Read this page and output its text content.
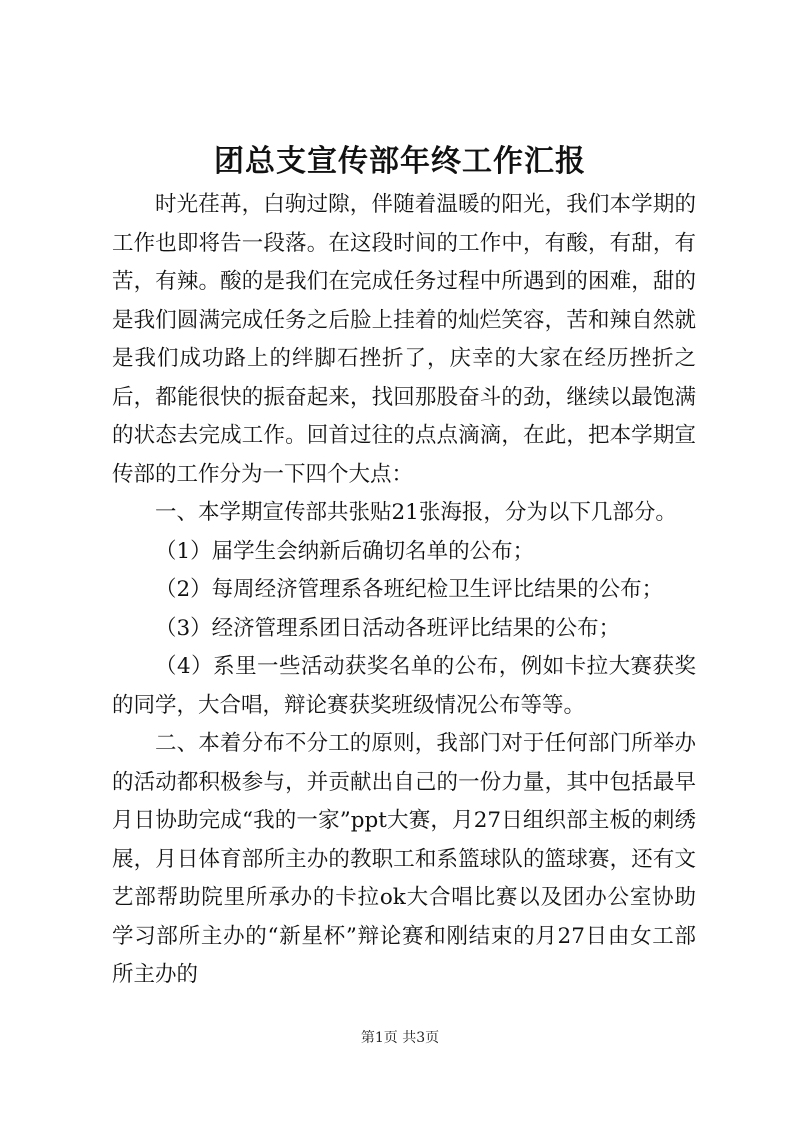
团总支宣传部年终工作汇报

时光荏苒，白驹过隙，伴随着温暖的阳光，我们本学期的工作也即将告一段落。在这段时间的工作中，有酸，有甜，有苦，有辣。酸的是我们在完成任务过程中所遇到的困难，甜的是我们圆满完成任务之后脸上挂着的灿烂笑容，苦和辣自然就是我们成功路上的绊脚石挫折了，庆幸的大家在经历挫折之后，都能很快的振奋起来，找回那股奋斗的劲，继续以最饱满的状态去完成工作。回首过往的点点滴滴，在此，把本学期宣传部的工作分为一下四个大点：

一、本学期宣传部共张贴21张海报，分为以下几部分。

（1）届学生会纳新后确切名单的公布；

（2）每周经济管理系各班纪检卫生评比结果的公布；

（3）经济管理系团日活动各班评比结果的公布；

（4）系里一些活动获奖名单的公布，例如卡拉大赛获奖的同学，大合唱，辩论赛获奖班级情况公布等等。

二、本着分布不分工的原则，我部门对于任何部门所举办的活动都积极参与，并贡献出自己的一份力量，其中包括最早月日协助完成“我的一家”ppt大赛，月27日组织部主板的刺绣展，月日体育部所主办的教职工和系篮球队的篮球赛，还有文艺部帮助院里所承办的卡拉ok大合唱比赛以及团办公室协助学习部所主办的“新星杯”辩论赛和刚结束的月27日由女工部所主办的

第1页 共3页
